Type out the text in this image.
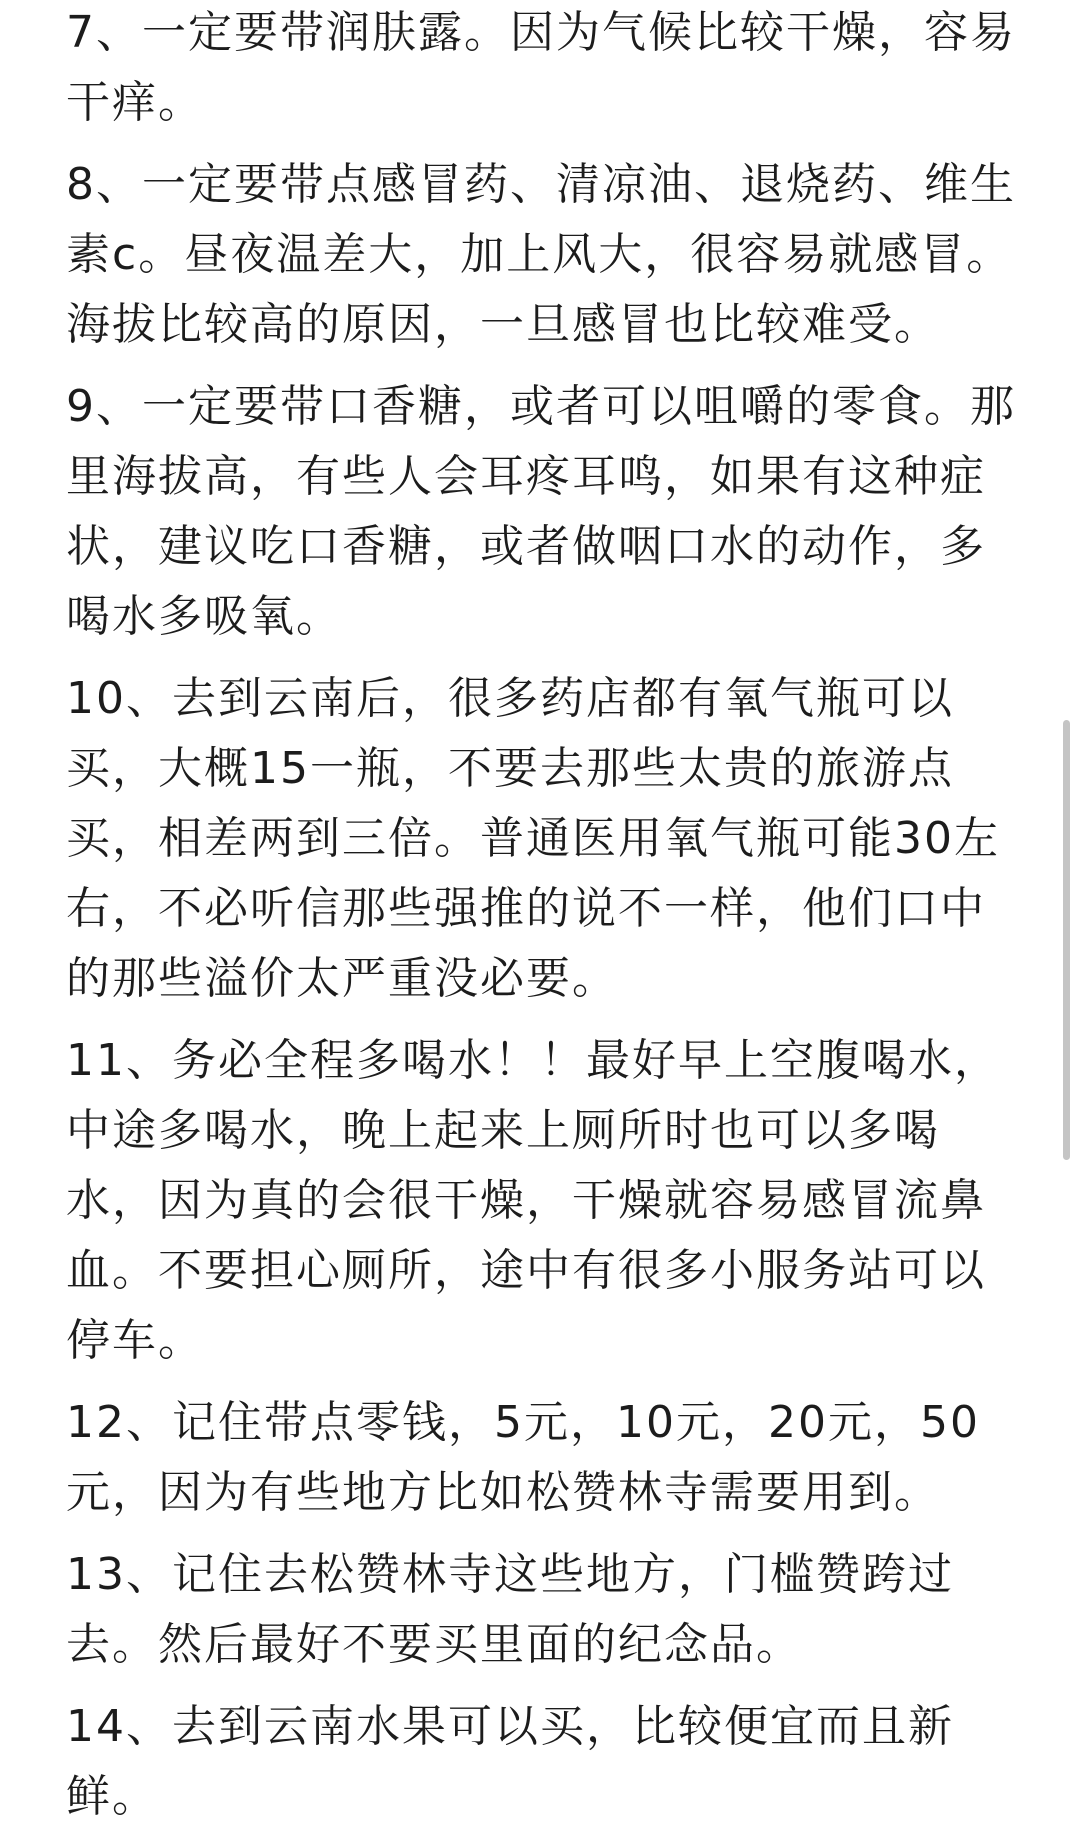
7、一定要带润肤露。因为气候比较干燥，容易干痒。

8、一定要带点感冒药、清凉油、退烧药、维生素c。昼夜温差大，加上风大，很容易就感冒。海拔比较高的原因，一旦感冒也比较难受。

9、一定要带口香糖，或者可以咀嚼的零食。那里海拔高，有些人会耳疼耳鸣，如果有这种症状，建议吃口香糖，或者做咽口水的动作，多喝水多吸氧。

10、去到云南后，很多药店都有氧气瓶可以买，大概15一瓶，不要去那些太贵的旅游点买，相差两到三倍。普通医用氧气瓶可能30左右，不必听信那些强推的说不一样，他们口中的那些溢价太严重没必要。

11、务必全程多喝水！！最好早上空腹喝水，中途多喝水，晚上起来上厕所时也可以多喝水，因为真的会很干燥，干燥就容易感冒流鼻血。不要担心厕所，途中有很多小服务站可以停车。

12、记住带点零钱，5元，10元，20元，50元，因为有些地方比如松赞林寺需要用到。

13、记住去松赞林寺这些地方，门槛赞跨过去。然后最好不要买里面的纪念品。

14、去到云南水果可以买，比较便宜而且新鲜。
